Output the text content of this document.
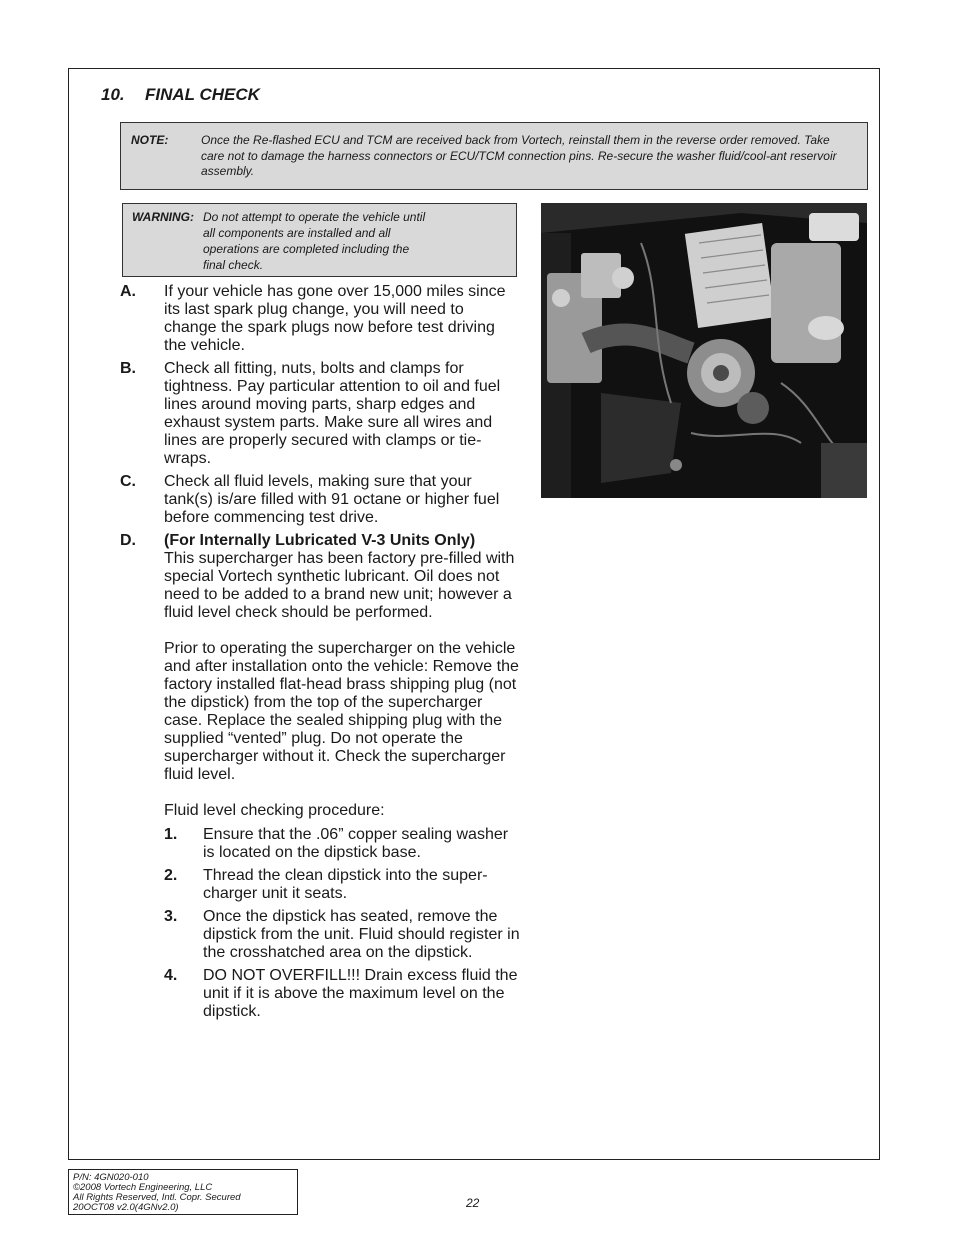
10. FINAL CHECK
NOTE:	Once the Re-flashed ECU and TCM are received back from Vortech, reinstall them in the reverse order removed. Take care not to damage the harness connectors or ECU/TCM connection pins. Re-secure the washer fluid/cool-ant reservoir assembly.
WARNING: Do not attempt to operate the vehicle until all components are installed and all operations are completed including the final check.
A. If your vehicle has gone over 15,000 miles since its last spark plug change, you will need to change the spark plugs now before test driving the vehicle.
B. Check all fitting, nuts, bolts and clamps for tightness. Pay particular attention to oil and fuel lines around moving parts, sharp edges and exhaust system parts. Make sure all wires and lines are properly secured with clamps or tie-wraps.
C. Check all fluid levels, making sure that your tank(s) is/are filled with 91 octane or higher fuel before commencing test drive.
D. (For Internally Lubricated V-3 Units Only)

This supercharger has been factory pre-filled with special Vortech synthetic lubricant. Oil does not need to be added to a brand new unit; however a fluid level check should be performed.

Prior to operating the supercharger on the vehicle and after installation onto the vehicle: Remove the factory installed flat-head brass shipping plug (not the dipstick) from the top of the supercharger case. Replace the sealed shipping plug with the supplied “vented” plug. Do not operate the supercharger without it. Check the supercharger fluid level.

Fluid level checking procedure:

1. Ensure that the .06” copper sealing washer is located on the dipstick base.
2. Thread the clean dipstick into the super-charger unit it seats.
3. Once the dipstick has seated, remove the dipstick from the unit. Fluid should register in the crosshatched area on the dipstick.
4. DO NOT OVERFILL!!! Drain excess fluid the unit if it is above the maximum level on the dipstick.
P/N: 4GN020-010
©2008 Vortech Engineering, LLC
All Rights Reserved, Intl. Copr. Secured
20OCT08 v2.0(4GNv2.0)	22
